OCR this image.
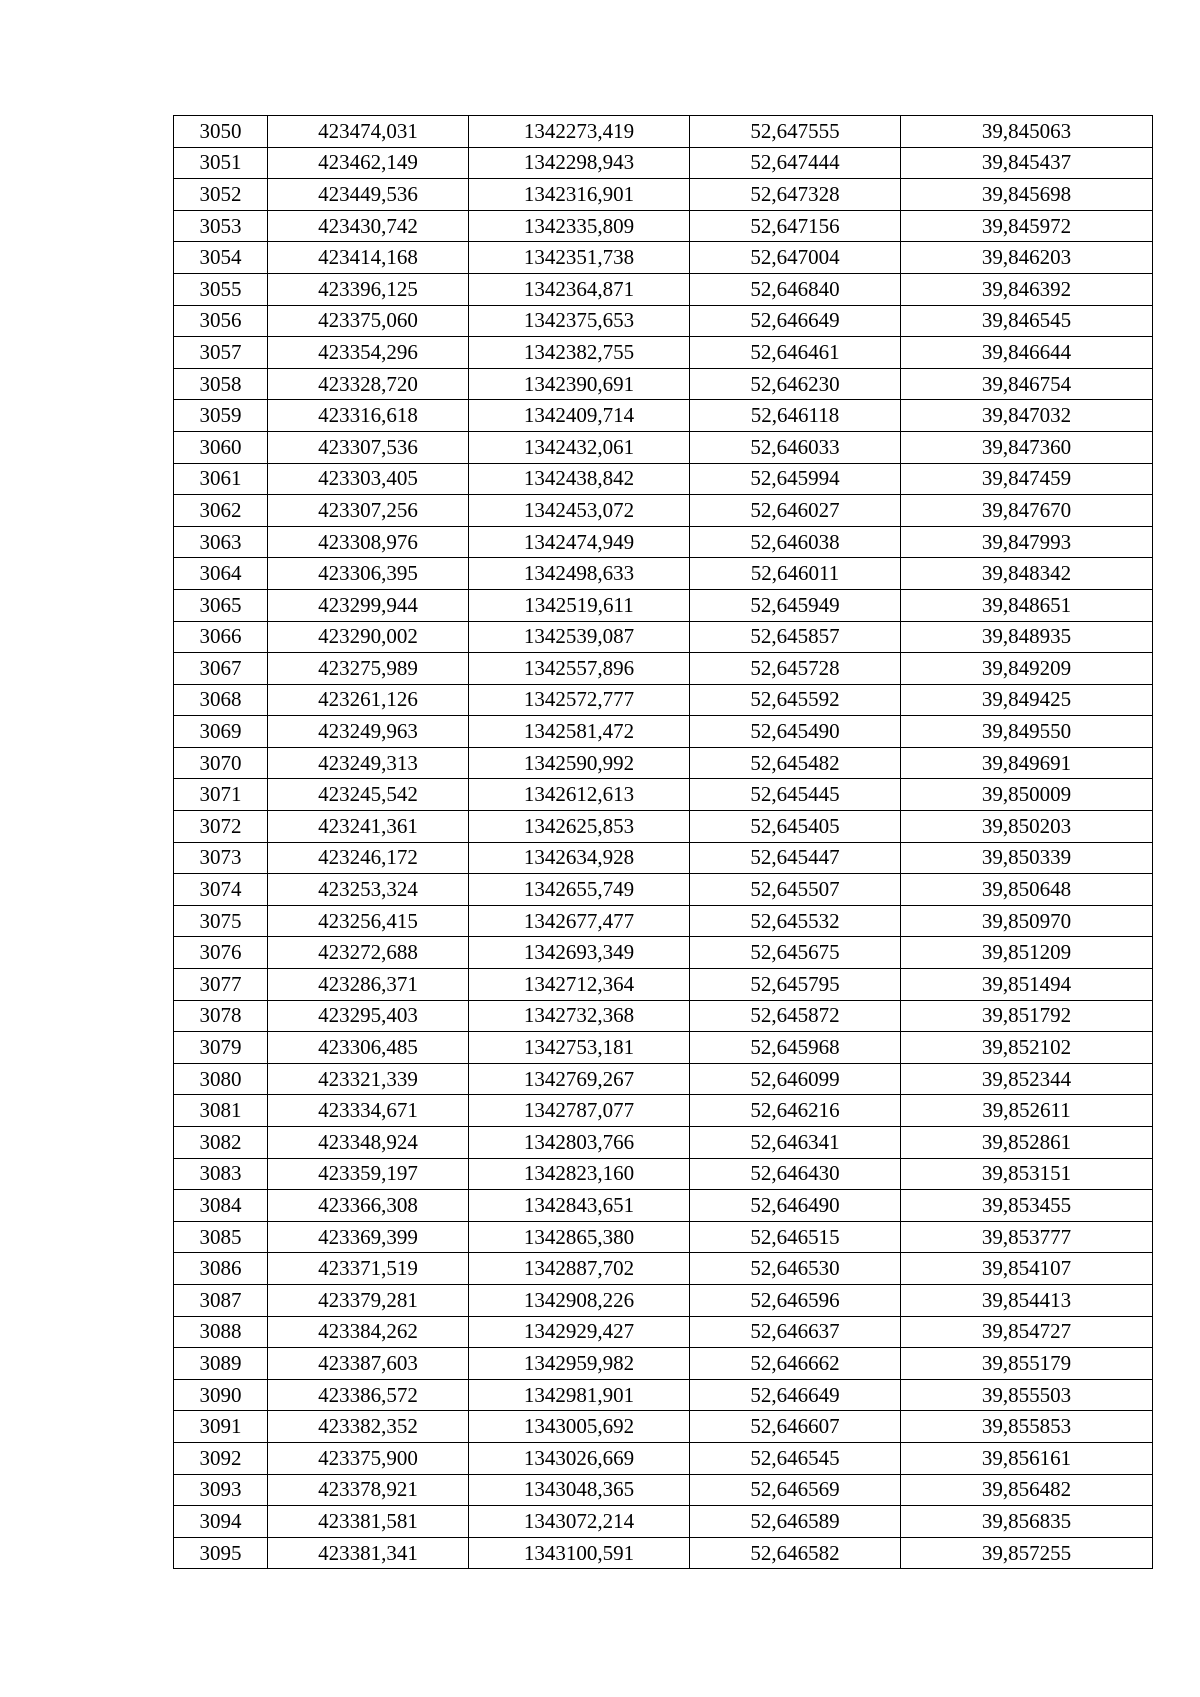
3050	423474,031	1342273,419	52,647555	39,845063
3051	423462,149	1342298,943	52,647444	39,845437
3052	423449,536	1342316,901	52,647328	39,845698
3053	423430,742	1342335,809	52,647156	39,845972
3054	423414,168	1342351,738	52,647004	39,846203
3055	423396,125	1342364,871	52,646840	39,846392
3056	423375,060	1342375,653	52,646649	39,846545
3057	423354,296	1342382,755	52,646461	39,846644
3058	423328,720	1342390,691	52,646230	39,846754
3059	423316,618	1342409,714	52,646118	39,847032
3060	423307,536	1342432,061	52,646033	39,847360
3061	423303,405	1342438,842	52,645994	39,847459
3062	423307,256	1342453,072	52,646027	39,847670
3063	423308,976	1342474,949	52,646038	39,847993
3064	423306,395	1342498,633	52,646011	39,848342
3065	423299,944	1342519,611	52,645949	39,848651
3066	423290,002	1342539,087	52,645857	39,848935
3067	423275,989	1342557,896	52,645728	39,849209
3068	423261,126	1342572,777	52,645592	39,849425
3069	423249,963	1342581,472	52,645490	39,849550
3070	423249,313	1342590,992	52,645482	39,849691
3071	423245,542	1342612,613	52,645445	39,850009
3072	423241,361	1342625,853	52,645405	39,850203
3073	423246,172	1342634,928	52,645447	39,850339
3074	423253,324	1342655,749	52,645507	39,850648
3075	423256,415	1342677,477	52,645532	39,850970
3076	423272,688	1342693,349	52,645675	39,851209
3077	423286,371	1342712,364	52,645795	39,851494
3078	423295,403	1342732,368	52,645872	39,851792
3079	423306,485	1342753,181	52,645968	39,852102
3080	423321,339	1342769,267	52,646099	39,852344
3081	423334,671	1342787,077	52,646216	39,852611
3082	423348,924	1342803,766	52,646341	39,852861
3083	423359,197	1342823,160	52,646430	39,853151
3084	423366,308	1342843,651	52,646490	39,853455
3085	423369,399	1342865,380	52,646515	39,853777
3086	423371,519	1342887,702	52,646530	39,854107
3087	423379,281	1342908,226	52,646596	39,854413
3088	423384,262	1342929,427	52,646637	39,854727
3089	423387,603	1342959,982	52,646662	39,855179
3090	423386,572	1342981,901	52,646649	39,855503
3091	423382,352	1343005,692	52,646607	39,855853
3092	423375,900	1343026,669	52,646545	39,856161
3093	423378,921	1343048,365	52,646569	39,856482
3094	423381,581	1343072,214	52,646589	39,856835
3095	423381,341	1343100,591	52,646582	39,857255
